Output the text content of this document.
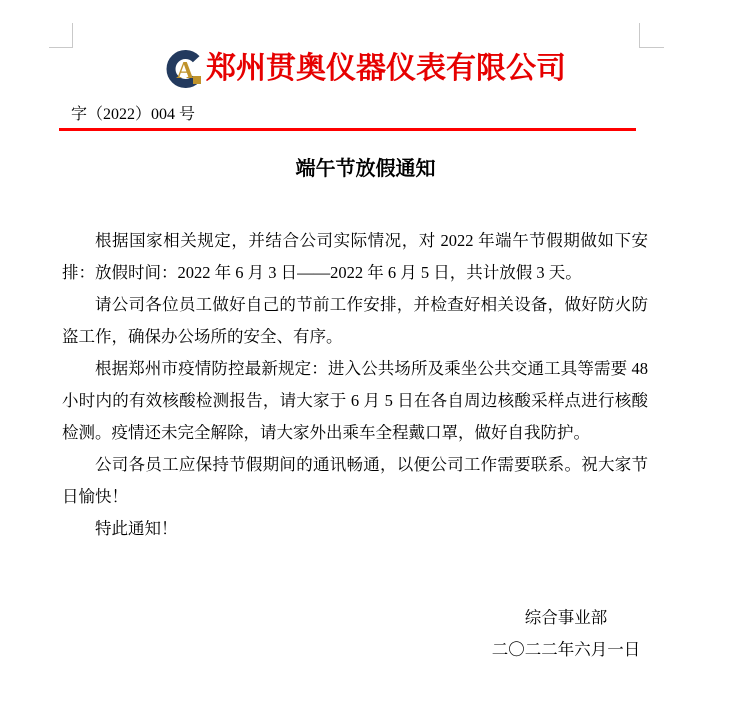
A 郑州贯奥仪器仪表有限公司
字（2022）004 号
端午节放假通知

根据国家相关规定，并结合公司实际情况，对 2022 年端午节假期做如下安排：放假时间：2022 年 6 月 3 日——2022 年 6 月 5 日，共计放假 3 天。

请公司各位员工做好自己的节前工作安排，并检查好相关设备，做好防火防盗工作，确保办公场所的安全、有序。

根据郑州市疫情防控最新规定：进入公共场所及乘坐公共交通工具等需要 48 小时内的有效核酸检测报告，请大家于 6 月 5 日在各自周边核酸采样点进行核酸检测。疫情还未完全解除，请大家外出乘车全程戴口罩，做好自我防护。

公司各员工应保持节假期间的通讯畅通，以便公司工作需要联系。祝大家节日愉快！

特此通知！

综合事业部
二〇二二年六月一日
